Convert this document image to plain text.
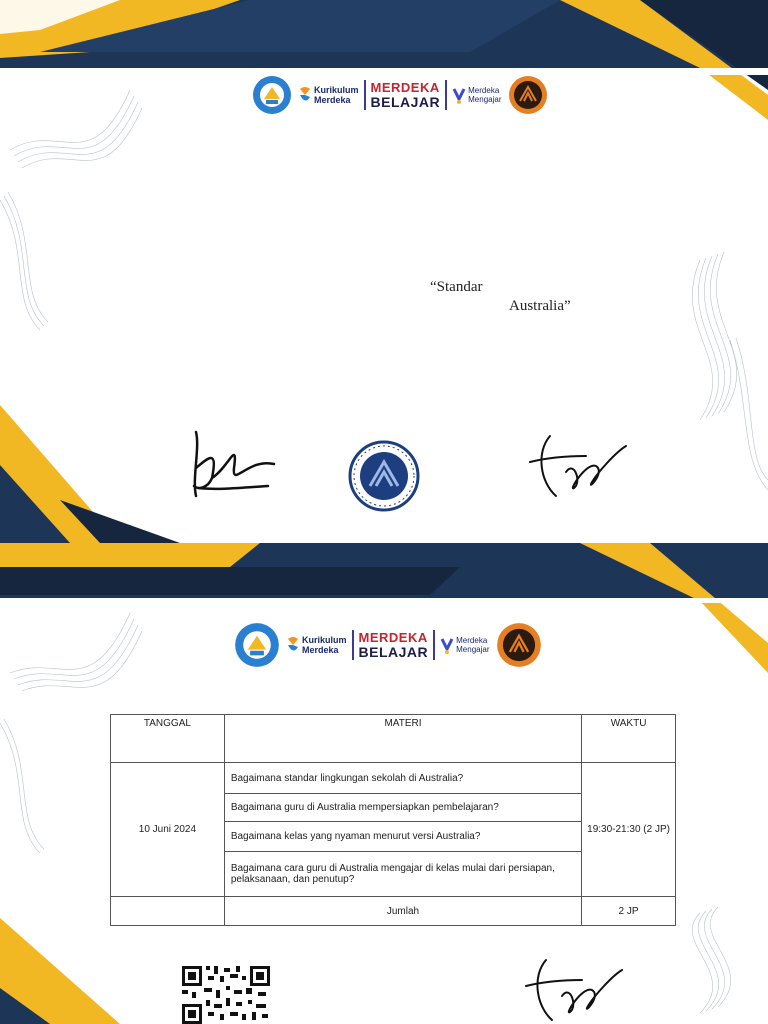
Kurikulum
Merdeka
MERDEKA
BELAJAR
Merdeka
Mengajar
“Standar
Australia”
Kurikulum
Merdeka
MERDEKA
BELAJAR
Merdeka
Mengajar
TANGGAL	MATERI	WAKTU
10 Juni 2024	Bagaimana standar lingkungan sekolah di Australia?	19:30-21:30 (2 JP)
	Bagaimana guru di Australia mempersiapkan pembelajaran?	
	Bagaimana kelas yang nyaman menurut versi Australia?	
	Bagaimana cara guru di Australia mengajar di kelas mulai dari persiapan, pelaksanaan, dan penutup?	
	Jumlah	2 JP
